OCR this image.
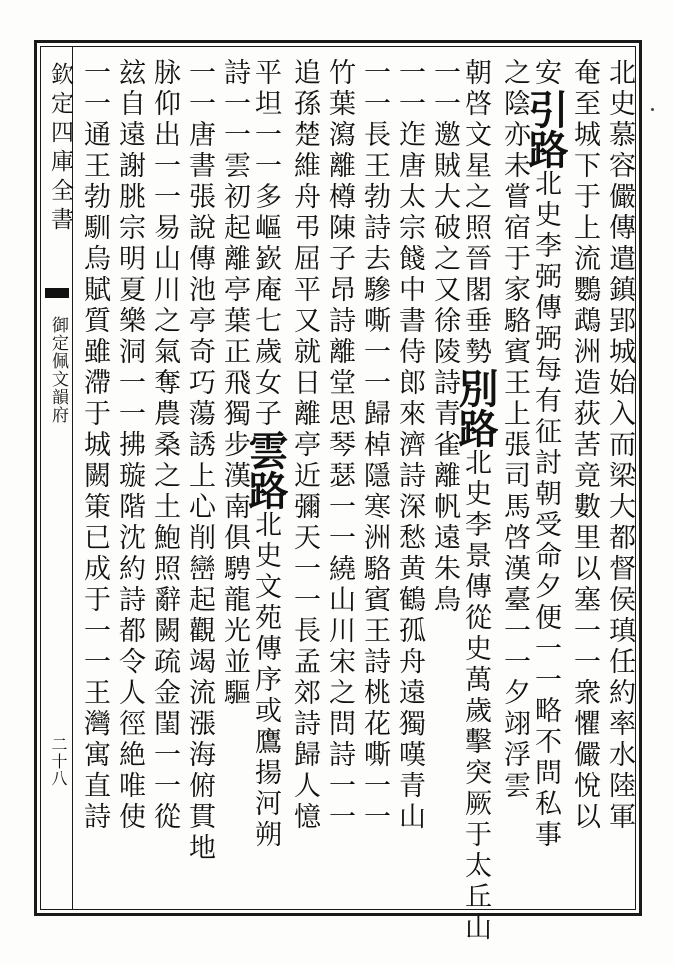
欽定四庫全書
御定佩文韻府
二十八	北史慕容儼傳遣鎮郢城始入而梁大都督侯瑱任約率水陸軍
奄至城下于上流鸚鵡洲造荻䒷竟數里以塞一一衆懼儼悅以
安引路北史李弼傳弼每有征討朝受命夕便一一略不問私事
之陰亦未嘗宿于家駱賓王上張司馬啓漢臺一一夕翊浮雲
朝啓文星之照晉閣垂𫝑別路北史李景傳從史萬歲擊突厥于太丘山
一一邀賊大破之又徐陵詩青雀離帆遠朱鳥
一一迮唐太宗餞中書侍郎來濟詩深愁黄鶴孤舟遠獨嘆青山
一一長王勃詩去驂嘶一一歸棹隱寒洲駱賓王詩桃花嘶一一
竹葉瀉離樽陳子昂詩離堂思琴瑟一一繞山川宋之問詩一一
追孫楚維舟弔屈平又就日離亭近彌天一一長孟郊詩歸人憶
平坦一一多嶇嶔庵七歲女子雲路北史文苑傳序或鷹揚河朔
詩一一雲初起離亭葉正飛獨步漢南俱騁龍光並驅
一一唐書張說傳池亭奇巧蕩誘上心削巒起觀竭流漲海俯貫地
脉仰出一一易山川之氣奪農桑之土鮑照辭闕疏金閨一一從
玆自遠謝朓宗明夏樂洞一一拂璇階沈約詩都令人徑絶唯使
一一通王勃馴烏賦質雖滯于城闕䇿已成于一一王灣寓直詩
